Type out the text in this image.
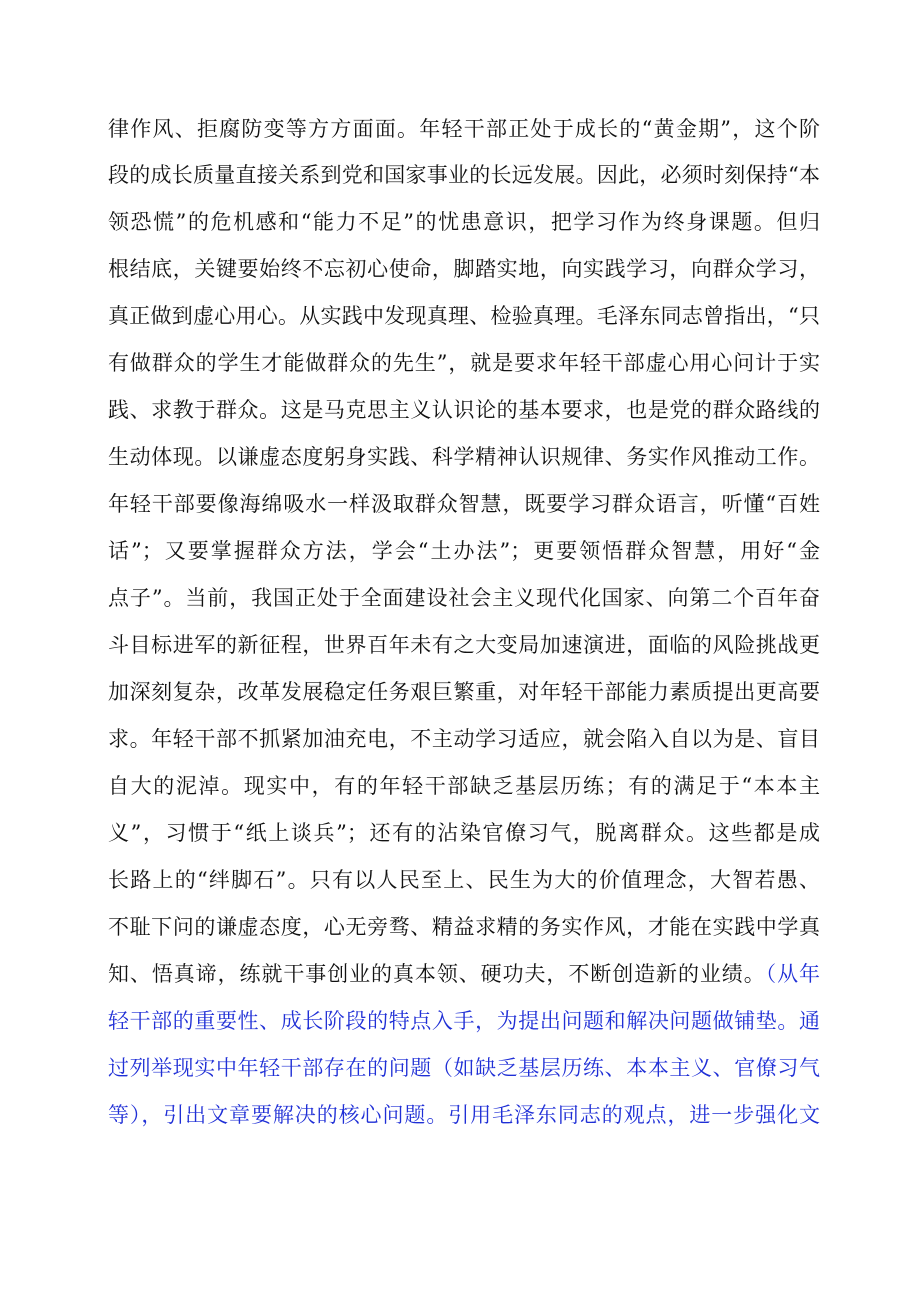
律作风、拒腐防变等方方面面。年轻干部正处于成长的“黄金期”，这个阶
段的成长质量直接关系到党和国家事业的长远发展。因此，必须时刻保持“本
领恐慌”的危机感和“能力不足”的忧患意识，把学习作为终身课题。但归
根结底，关键要始终不忘初心使命，脚踏实地，向实践学习，向群众学习，
真正做到虚心用心。从实践中发现真理、检验真理。毛泽东同志曾指出，“只
有做群众的学生才能做群众的先生”，就是要求年轻干部虚心用心问计于实
践、求教于群众。这是马克思主义认识论的基本要求，也是党的群众路线的
生动体现。以谦虚态度躬身实践、科学精神认识规律、务实作风推动工作。
年轻干部要像海绵吸水一样汲取群众智慧，既要学习群众语言，听懂“百姓
话”；又要掌握群众方法，学会“土办法”；更要领悟群众智慧，用好“金
点子”。当前，我国正处于全面建设社会主义现代化国家、向第二个百年奋
斗目标进军的新征程，世界百年未有之大变局加速演进，面临的风险挑战更
加深刻复杂，改革发展稳定任务艰巨繁重，对年轻干部能力素质提出更高要
求。年轻干部不抓紧加油充电，不主动学习适应，就会陷入自以为是、盲目
自大的泥淖。现实中，有的年轻干部缺乏基层历练；有的满足于“本本主
义”，习惯于“纸上谈兵”；还有的沾染官僚习气，脱离群众。这些都是成
长路上的“绊脚石”。只有以人民至上、民生为大的价值理念，大智若愚、
不耻下问的谦虚态度，心无旁骛、精益求精的务实作风，才能在实践中学真
知、悟真谛，练就干事创业的真本领、硬功夫，不断创造新的业绩。（从年
轻干部的重要性、成长阶段的特点入手，为提出问题和解决问题做铺垫。通
过列举现实中年轻干部存在的问题（如缺乏基层历练、本本主义、官僚习气
等），引出文章要解决的核心问题。引用毛泽东同志的观点，进一步强化文
